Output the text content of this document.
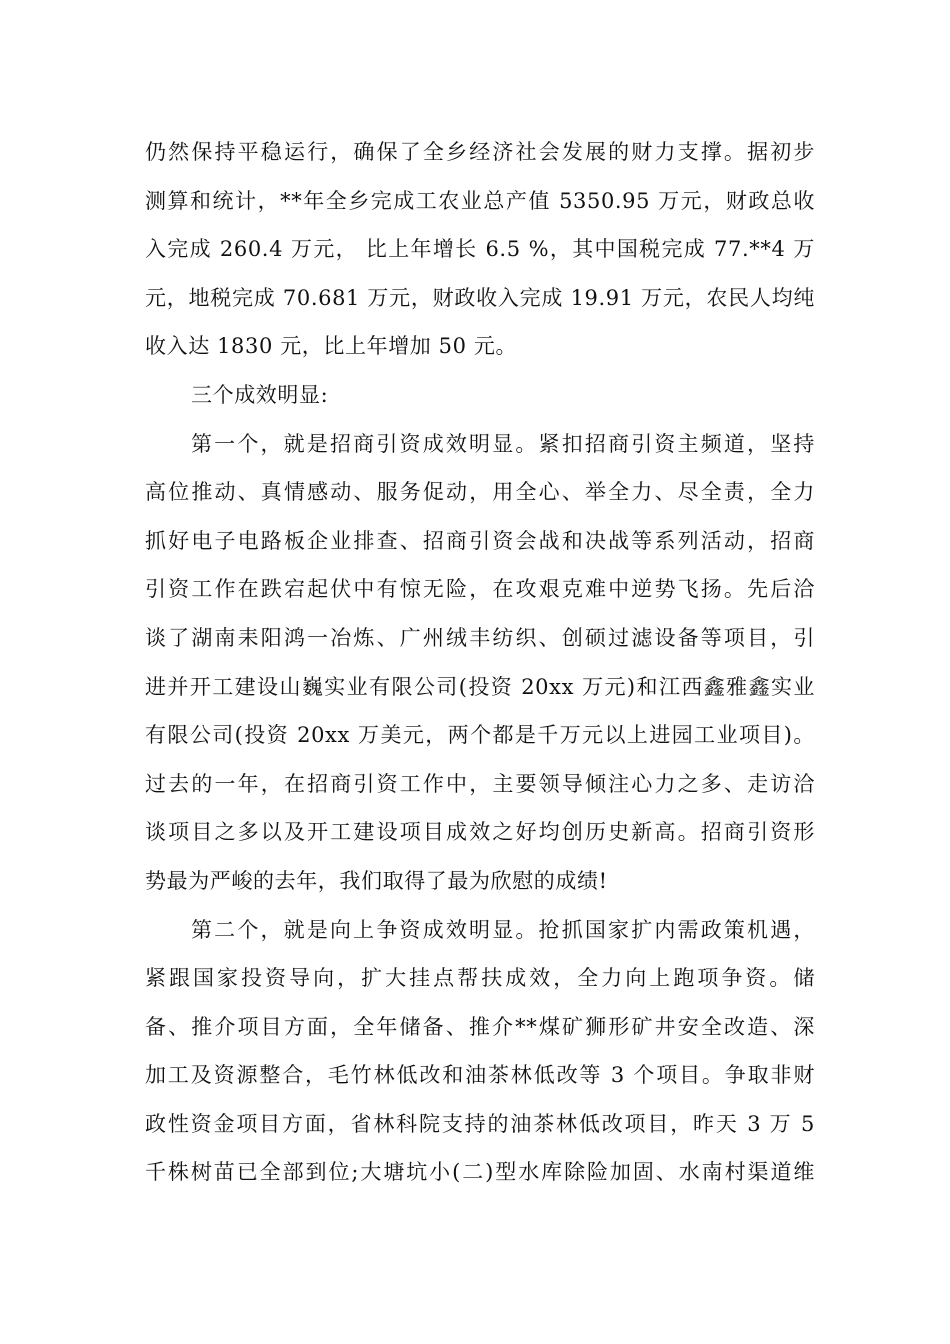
仍然保持平稳运行，确保了全乡经济社会发展的财力支撑。据初步
测算和统计，**年全乡完成工农业总产值 5350.95 万元，财政总收
入完成 260.4 万元， 比上年增长 6.5 %，其中国税完成 77.**4 万
元，地税完成 70.681 万元，财政收入完成 19.91 万元，农民人均纯
收入达 1830 元，比上年增加 50 元。
三个成效明显:
第一个，就是招商引资成效明显。紧扣招商引资主频道，坚持
高位推动、真情感动、服务促动，用全心、举全力、尽全责，全力
抓好电子电路板企业排查、招商引资会战和决战等系列活动，招商
引资工作在跌宕起伏中有惊无险，在攻艰克难中逆势飞扬。先后洽
谈了湖南耒阳鸿一冶炼、广州绒丰纺织、创硕过滤设备等项目，引
进并开工建设山巍实业有限公司(投资 20xx 万元)和江西鑫雅鑫实业
有限公司(投资 20xx 万美元，两个都是千万元以上进园工业项目)。
过去的一年，在招商引资工作中，主要领导倾注心力之多、走访洽
谈项目之多以及开工建设项目成效之好均创历史新高。招商引资形
势最为严峻的去年，我们取得了最为欣慰的成绩!
第二个，就是向上争资成效明显。抢抓国家扩内需政策机遇，
紧跟国家投资导向，扩大挂点帮扶成效，全力向上跑项争资。储
备、推介项目方面，全年储备、推介**煤矿狮形矿井安全改造、深
加工及资源整合，毛竹林低改和油茶林低改等 3 个项目。争取非财
政性资金项目方面，省林科院支持的油茶林低改项目，昨天 3 万 5
千株树苗已全部到位;大塘坑小(二)型水库除险加固、水南村渠道维
